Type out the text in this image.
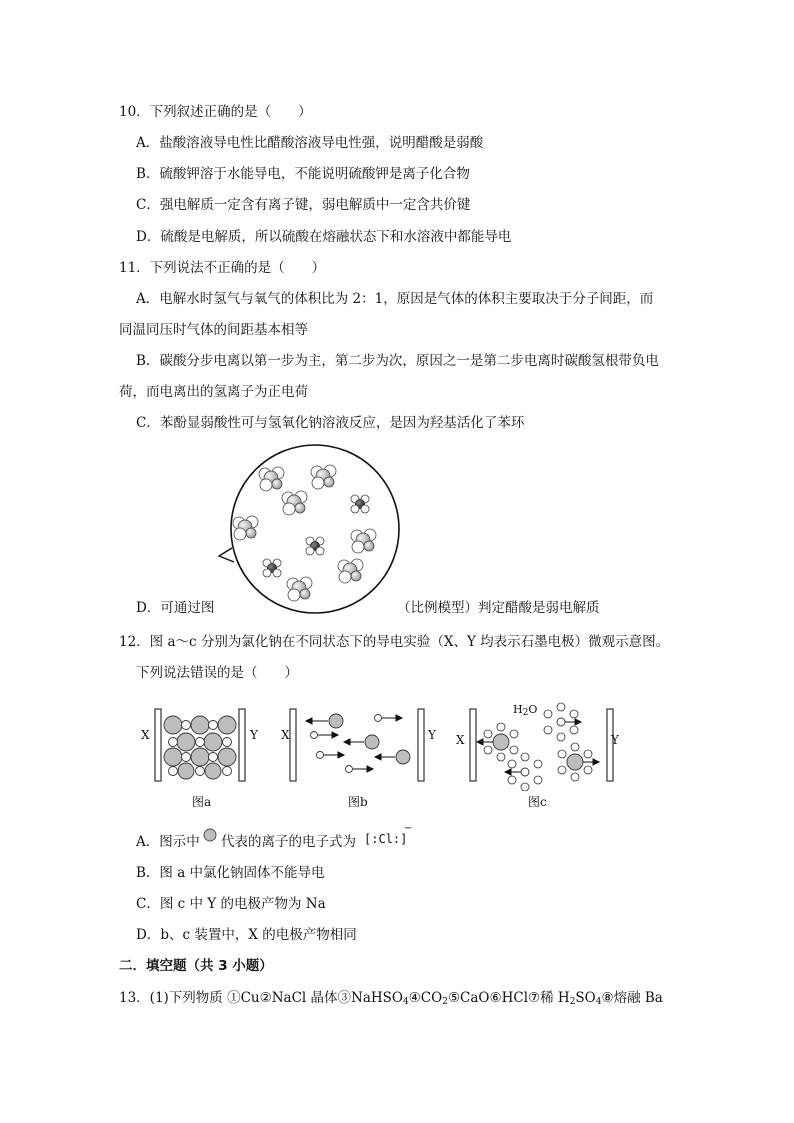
10．下列叙述正确的是（　　）
A．盐酸溶液导电性比醋酸溶液导电性强，说明醋酸是弱酸
B．硫酸钾溶于水能导电，不能说明硫酸钾是离子化合物
C．强电解质一定含有离子键，弱电解质中一定含共价键
D．硫酸是电解质，所以硫酸在熔融状态下和水溶液中都能导电
11．下列说法不正确的是（　　）
A．电解水时氢气与氧气的体积比为 2：1，原因是气体的体积主要取决于分子间距，而
同温同压时气体的间距基本相等
B．碳酸分步电离以第一步为主，第二步为次，原因之一是第二步电离时碳酸氢根带负电
荷，而电离出的氢离子为正电荷
C．苯酚显弱酸性可与氢氧化钠溶液反应，是因为羟基活化了苯环
D．可通过图	（比例模型）判定醋酸是弱电解质
12．图 a～c 分别为氯化钠在不同状态下的导电实验（X、Y 均表示石墨电极）微观示意图。
下列说法错误的是（　　）
X	Y
图a
X	Y
图b
X	Y
$H_2O$
图c
A．图示中 代表的离子的电子式为 [:Cl:]
−
B．图 a 中氯化钠固体不能导电
C．图 c 中 Y 的电极产物为 Na
D．b、c 装置中，X 的电极产物相同
二．填空题（共 3 小题）
13．(1)下列物质 ①Cu②NaCl 晶体$③NaHSO_4④CO_2⑤CaO⑥HCl⑦$稀 $H_2SO_4⑧$熔融 Ba
